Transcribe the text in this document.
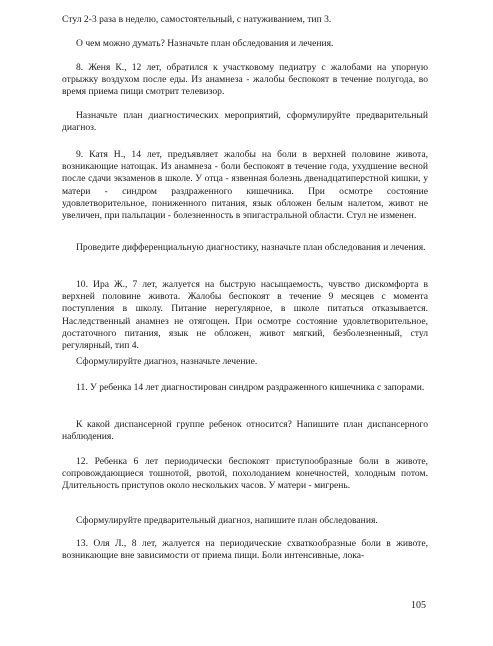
Стул 2-3 раза в неделю, самостоятельный, с натуживанием, тип 3.

О чем можно думать? Назначьте план обследования и лечения.

8. Женя К., 12 лет, обратился к участковому педиатру с жалобами на упорную отрыжку воздухом после еды. Из анамнеза - жалобы беспокоят в течение полугода, во время приема пищи смотрит телевизор.

Назначьте план диагностических мероприятий, сформулируйте предварительный диагноз.

9. Катя Н., 14 лет, предъявляет жалобы на боли в верхней половине живота, возникающие натощак. Из анамнеза - боли беспокоят в течение года, ухудшение весной после сдачи экзаменов в школе. У отца - язвенная болезнь двенадцатиперстной кишки, у матери - синдром раздраженного кишечника. При осмотре состояние удовлетворительное, пониженного питания, язык обложен белым налетом, живот не увеличен, при пальпации - болезненность в эпигастральной области. Стул не изменен.

Проведите дифференциальную диагностику, назначьте план обследования и лечения.

10. Ира Ж., 7 лет, жалуется на быструю насыщаемость, чувство дискомфорта в верхней половине живота. Жалобы беспокоят в течение 9 месяцев с момента поступления в школу. Питание нерегулярное, в школе питаться отказывается. Наследственный анамнез не отягощен. При осмотре состояние удовлетворительное, достаточного питания, язык не обложен, живот мягкий, безболезненный, стул регулярный, тип 4.

Сформулируйте диагноз, назначьте лечение.

11. У ребенка 14 лет диагностирован синдром раздраженного кишечника с запорами.

К какой диспансерной группе ребенок относится? Напишите план диспансерного наблюдения.

12. Ребенка 6 лет периодически беспокоят приступообразные боли в животе, сопровождающиеся тошнотой, рвотой, похолоданием конечностей, холодным потом. Длительность приступов около нескольких часов. У матери - мигрень.

Сформулируйте предварительный диагноз, напишите план обследования.

13. Оля Л., 8 лет, жалуется на периодические схваткообразные боли в животе, возникающие вне зависимости от приема пищи. Боли интенсивные, лока-

105
